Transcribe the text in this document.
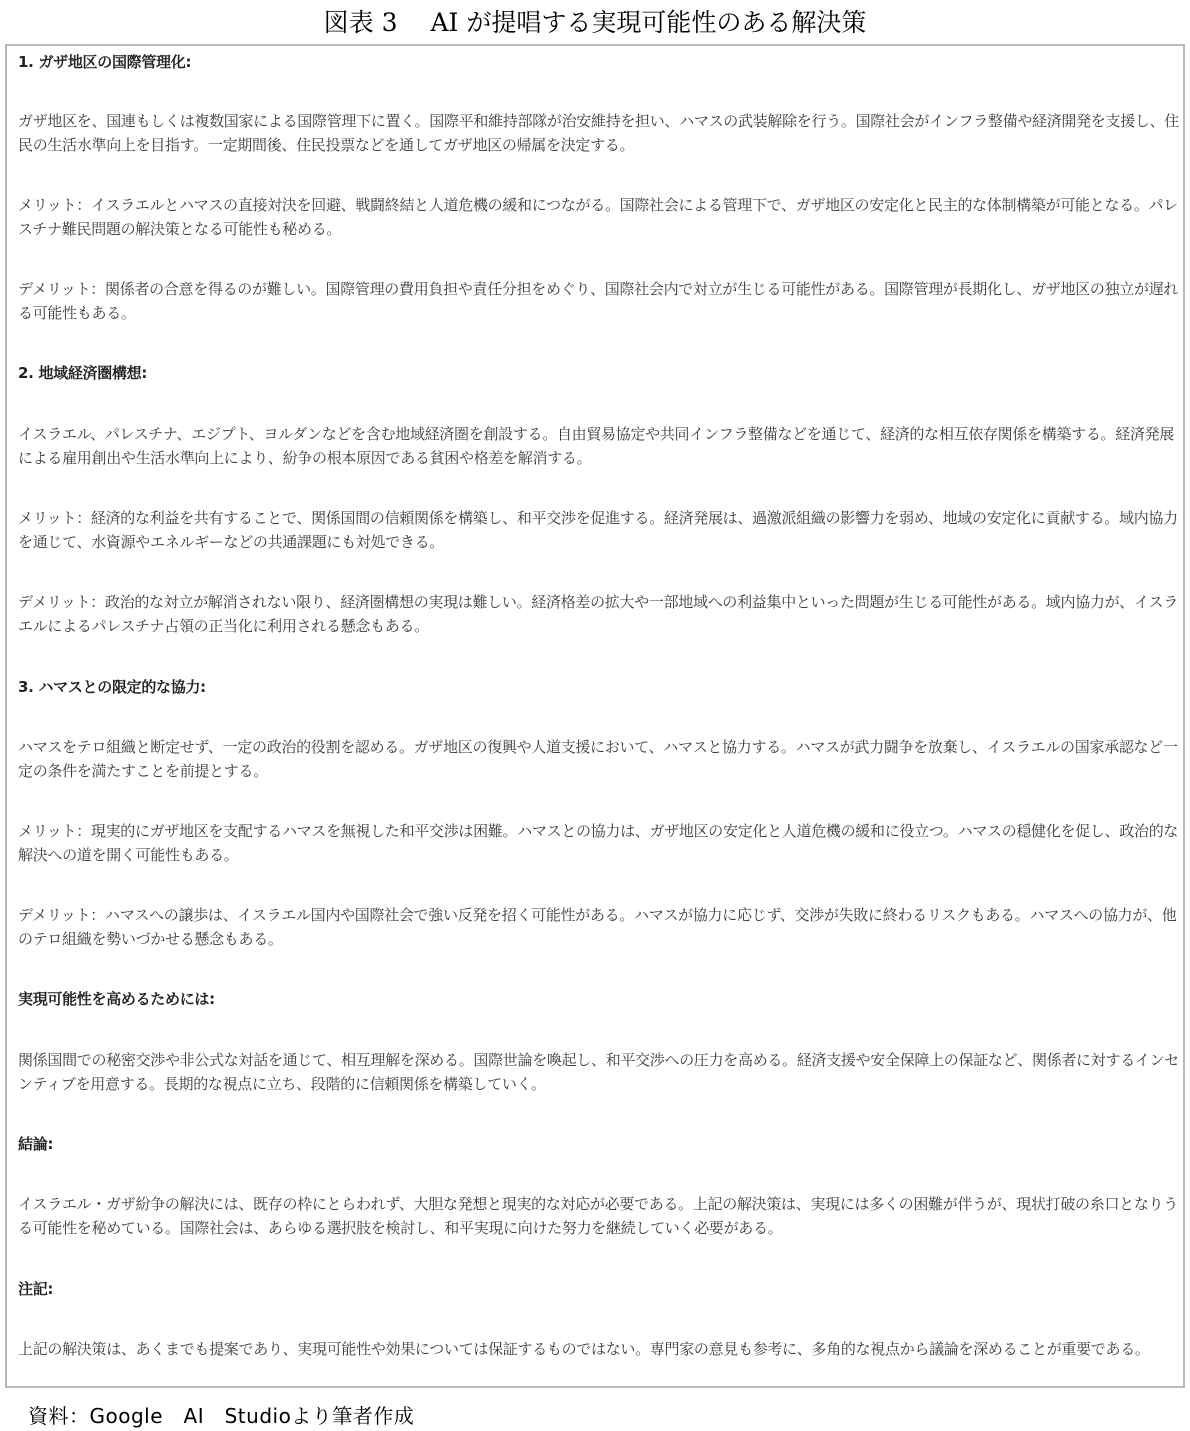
図表 3　 AI が提唱する実現可能性のある解決策

1. ガザ地区の国際管理化:

ガザ地区を、国連もしくは複数国家による国際管理下に置く。国際平和維持部隊が治安維持を担い、ハマスの武装解除を行う。国際社会がインフラ整備や経済開発を支援し、住民の生活水準向上を目指す。一定期間後、住民投票などを通してガザ地区の帰属を決定する。

メリット：イスラエルとハマスの直接対決を回避、戦闘終結と人道危機の緩和につながる。国際社会による管理下で、ガザ地区の安定化と民主的な体制構築が可能となる。パレスチナ難民問題の解決策となる可能性も秘める。

デメリット：関係者の合意を得るのが難しい。国際管理の費用負担や責任分担をめぐり、国際社会内で対立が生じる可能性がある。国際管理が長期化し、ガザ地区の独立が遅れる可能性もある。

2. 地域経済圏構想:

イスラエル、パレスチナ、エジプト、ヨルダンなどを含む地域経済圏を創設する。自由貿易協定や共同インフラ整備などを通じて、経済的な相互依存関係を構築する。経済発展による雇用創出や生活水準向上により、紛争の根本原因である貧困や格差を解消する。

メリット：経済的な利益を共有することで、関係国間の信頼関係を構築し、和平交渉を促進する。経済発展は、過激派組織の影響力を弱め、地域の安定化に貢献する。域内協力を通じて、水資源やエネルギーなどの共通課題にも対処できる。

デメリット：政治的な対立が解消されない限り、経済圏構想の実現は難しい。経済格差の拡大や一部地域への利益集中といった問題が生じる可能性がある。域内協力が、イスラエルによるパレスチナ占領の正当化に利用される懸念もある。

3. ハマスとの限定的な協力:

ハマスをテロ組織と断定せず、一定の政治的役割を認める。ガザ地区の復興や人道支援において、ハマスと協力する。ハマスが武力闘争を放棄し、イスラエルの国家承認など一定の条件を満たすことを前提とする。

メリット：現実的にガザ地区を支配するハマスを無視した和平交渉は困難。ハマスとの協力は、ガザ地区の安定化と人道危機の緩和に役立つ。ハマスの穏健化を促し、政治的な解決への道を開く可能性もある。

デメリット：ハマスへの譲歩は、イスラエル国内や国際社会で強い反発を招く可能性がある。ハマスが協力に応じず、交渉が失敗に終わるリスクもある。ハマスへの協力が、他のテロ組織を勢いづかせる懸念もある。

実現可能性を高めるためには:

関係国間での秘密交渉や非公式な対話を通じて、相互理解を深める。国際世論を喚起し、和平交渉への圧力を高める。経済支援や安全保障上の保証など、関係者に対するインセンティブを用意する。長期的な視点に立ち、段階的に信頼関係を構築していく。

結論:

イスラエル・ガザ紛争の解決には、既存の枠にとらわれず、大胆な発想と現実的な対応が必要である。上記の解決策は、実現には多くの困難が伴うが、現状打破の糸口となりうる可能性を秘めている。国際社会は、あらゆる選択肢を検討し、和平実現に向けた努力を継続していく必要がある。

注記:

上記の解決策は、あくまでも提案であり、実現可能性や効果については保証するものではない。専門家の意見も参考に、多角的な視点から議論を深めることが重要である。

資料：Google　AI　Studioより筆者作成
